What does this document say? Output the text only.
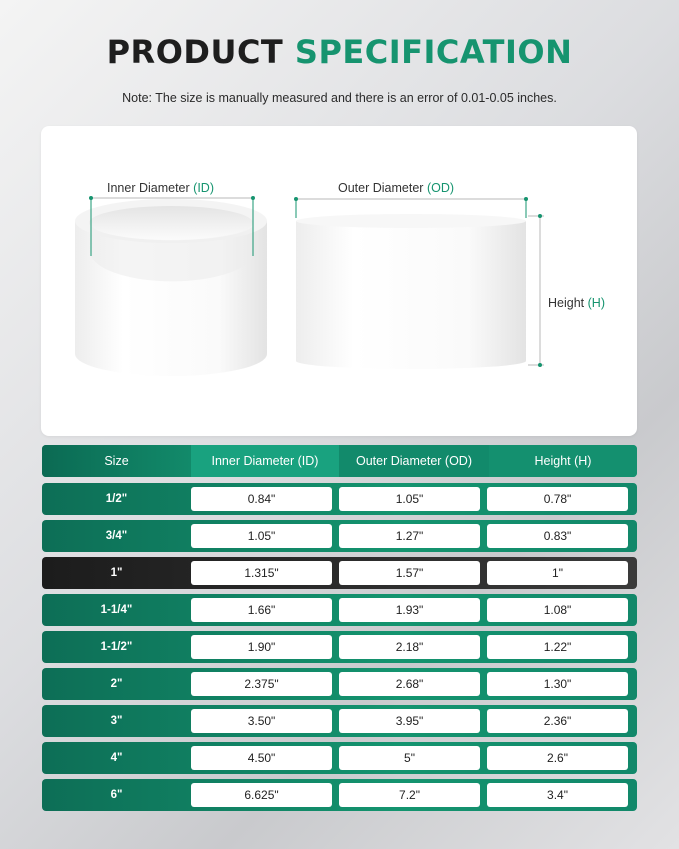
PRODUCT SPECIFICATION
Note: The size is manually measured and there is an error of 0.01-0.05 inches.
Inner Diameter (ID)	Outer Diameter (OD)
Height (H)
Size	Inner Diameter (ID)	Outer Diameter (OD)	Height (H)
1/2"	0.84"	1.05"	0.78"
3/4"	1.05"	1.27"	0.83"
1"	1.315"	1.57"	1"
1-1/4"	1.66"	1.93"	1.08"
1-1/2"	1.90"	2.18"	1.22"
2"	2.375"	2.68"	1.30"
3"	3.50"	3.95"	2.36"
4"	4.50"	5"	2.6"
6"	6.625"	7.2"	3.4"
